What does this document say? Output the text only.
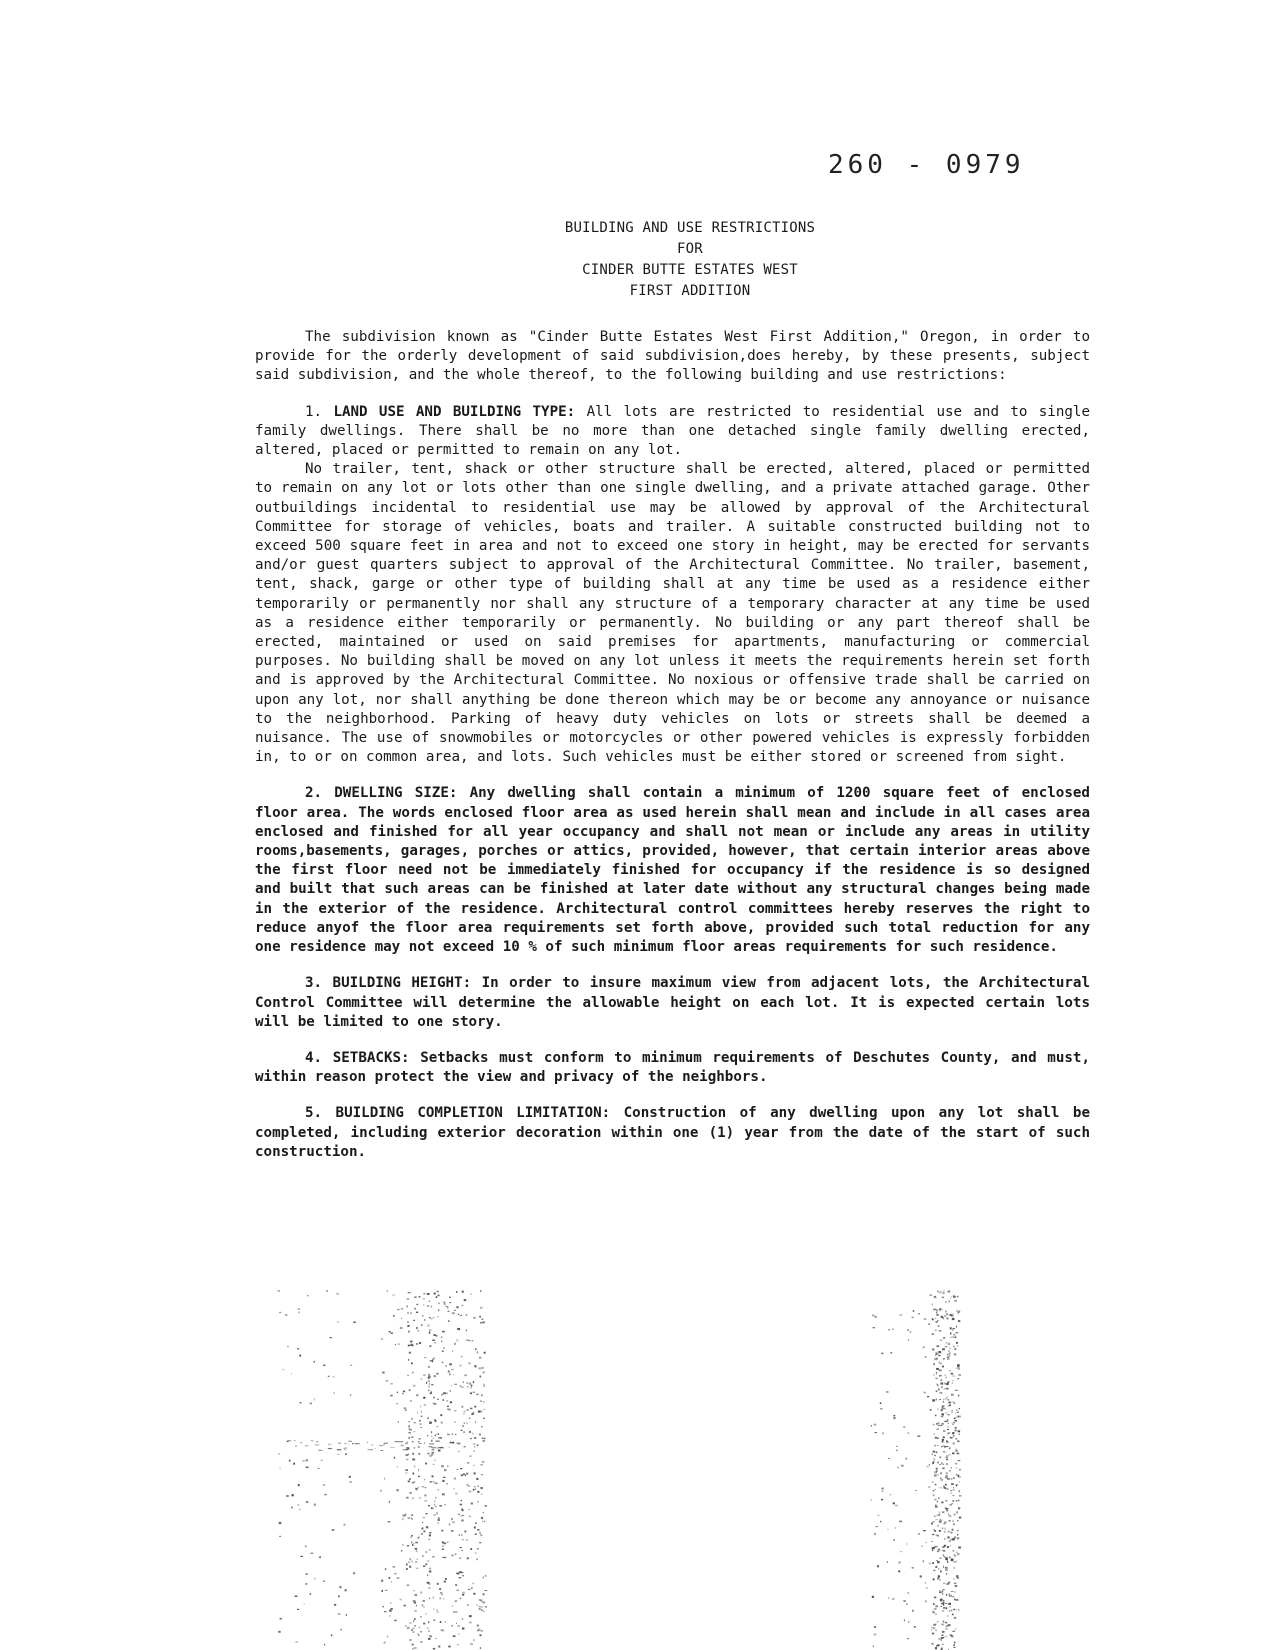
260 - 0979
BUILDING AND USE RESTRICTIONS
FOR
CINDER BUTTE ESTATES WEST
FIRST ADDITION

The subdivision known as "Cinder Butte Estates West First Addition," Oregon, in order to provide for the orderly development of said subdivision,does hereby, by these presents, subject said subdivision, and the whole thereof, to the following building and use restrictions:

1. LAND USE AND BUILDING TYPE: All lots are restricted to residential use and to single family dwellings. There shall be no more than one detached single family dwelling erected, altered, placed or permitted to remain on any lot.

No trailer, tent, shack or other structure shall be erected, altered, placed or permitted to remain on any lot or lots other than one single dwelling, and a private attached garage. Other outbuildings incidental to residential use may be allowed by approval of the Architectural Committee for storage of vehicles, boats and trailer. A suitable constructed building not to exceed 500 square feet in area and not to exceed one story in height, may be erected for servants and/or guest quarters subject to approval of the Architectural Committee. No trailer, basement, tent, shack, garge or other type of building shall at any time be used as a residence either temporarily or permanently nor shall any structure of a temporary character at any time be used as a residence either temporarily or permanently. No building or any part thereof shall be erected, maintained or used on said premises for apartments, manufacturing or commercial purposes. No building shall be moved on any lot unless it meets the requirements herein set forth and is approved by the Architectural Committee. No noxious or offensive trade shall be carried on upon any lot, nor shall anything be done thereon which may be or become any annoyance or nuisance to the neighborhood. Parking of heavy duty vehicles on lots or streets shall be deemed a nuisance. The use of snowmobiles or motorcycles or other powered vehicles is expressly forbidden in, to or on common area, and lots. Such vehicles must be either stored or screened from sight.

2. DWELLING SIZE: Any dwelling shall contain a minimum of 1200 square feet of enclosed floor area. The words enclosed floor area as used herein shall mean and include in all cases area enclosed and finished for all year occupancy and shall not mean or include any areas in utility rooms,basements, garages, porches or attics, provided, however, that certain interior areas above the first floor need not be immediately finished for occupancy if the residence is so designed and built that such areas can be finished at later date without any structural changes being made in the exterior of the residence. Architectural control committees hereby reserves the right to reduce anyof the floor area requirements set forth above, provided such total reduction for any one residence may not exceed 10 % of such minimum floor areas requirements for such residence.

3. BUILDING HEIGHT: In order to insure maximum view from adjacent lots, the Architectural Control Committee will determine the allowable height on each lot. It is expected certain lots will be limited to one story.

4. SETBACKS: Setbacks must conform to minimum requirements of Deschutes County, and must, within reason protect the view and privacy of the neighbors.

5. BUILDING COMPLETION LIMITATION: Construction of any dwelling upon any lot shall be completed, including exterior decoration within one (1) year from the date of the start of such construction.
